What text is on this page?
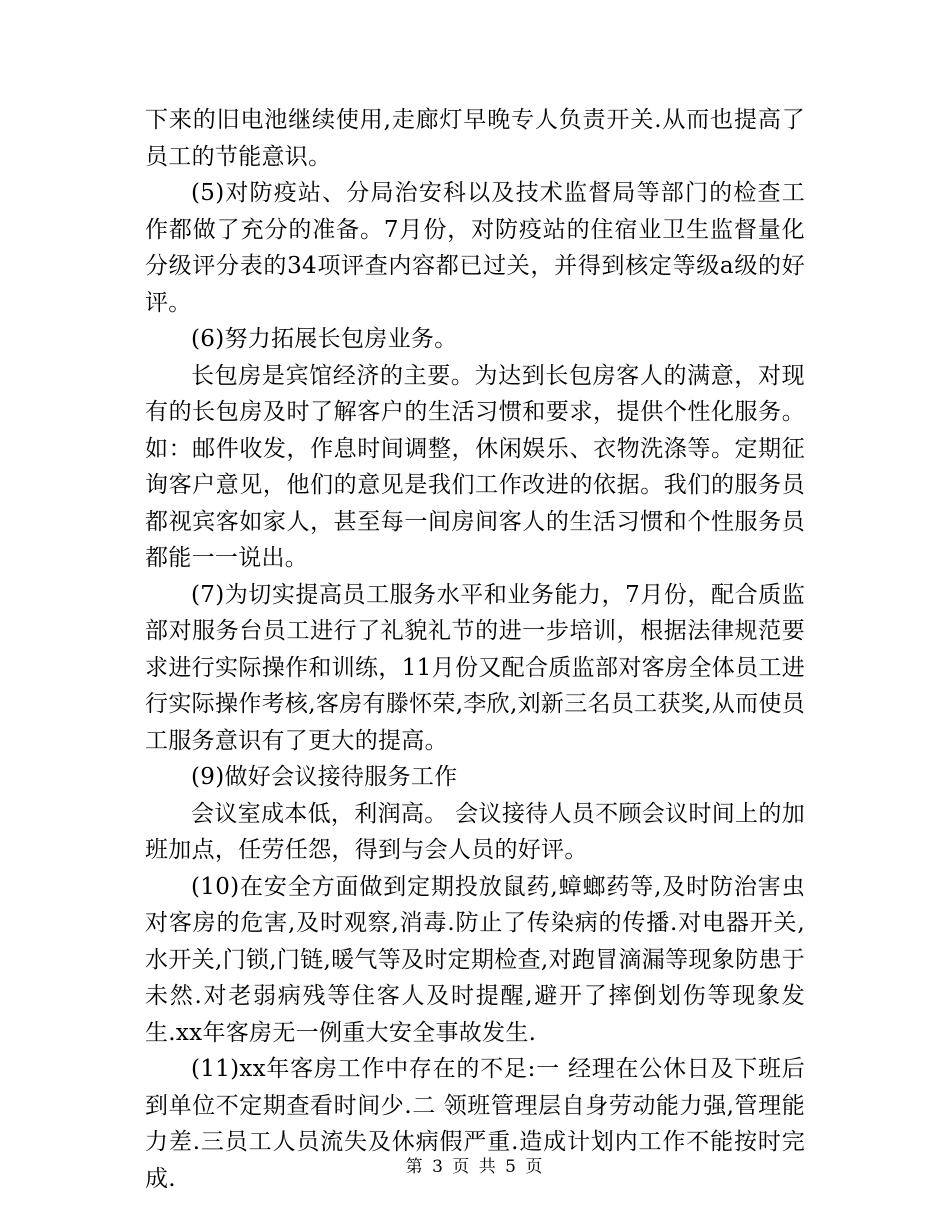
下来的旧电池继续使用,走廊灯早晚专人负责开关.从而也提高了员工的节能意识。

(5)对防疫站、分局治安科以及技术监督局等部门的检查工作都做了充分的准备。7月份，对防疫站的住宿业卫生监督量化分级评分表的34项评查内容都已过关，并得到核定等级a级的好评。

(6)努力拓展长包房业务。

长包房是宾馆经济的主要。为达到长包房客人的满意，对现有的长包房及时了解客户的生活习惯和要求，提供个性化服务。如：邮件收发，作息时间调整，休闲娱乐、衣物洗涤等。定期征询客户意见，他们的意见是我们工作改进的依据。我们的服务员都视宾客如家人，甚至每一间房间客人的生活习惯和个性服务员都能一一说出。

(7)为切实提高员工服务水平和业务能力，7月份，配合质监部对服务台员工进行了礼貌礼节的进一步培训，根据法律规范要求进行实际操作和训练，11月份又配合质监部对客房全体员工进行实际操作考核,客房有滕怀荣,李欣,刘新三名员工获奖,从而使员工服务意识有了更大的提高。

(9)做好会议接待服务工作

会议室成本低，利润高。 会议接待人员不顾会议时间上的加班加点，任劳任怨，得到与会人员的好评。

(10)在安全方面做到定期投放鼠药,蟑螂药等,及时防治害虫对客房的危害,及时观察,消毒.防止了传染病的传播.对电器开关,水开关,门锁,门链,暖气等及时定期检查,对跑冒滴漏等现象防患于未然.对老弱病残等住客人及时提醒,避开了摔倒划伤等现象发生.xx年客房无一例重大安全事故发生.

(11)xx年客房工作中存在的不足:一 经理在公休日及下班后到单位不定期查看时间少.二 领班管理层自身劳动能力强,管理能力差.三员工人员流失及休病假严重.造成计划内工作不能按时完成.	第 3 页 共 5 页
